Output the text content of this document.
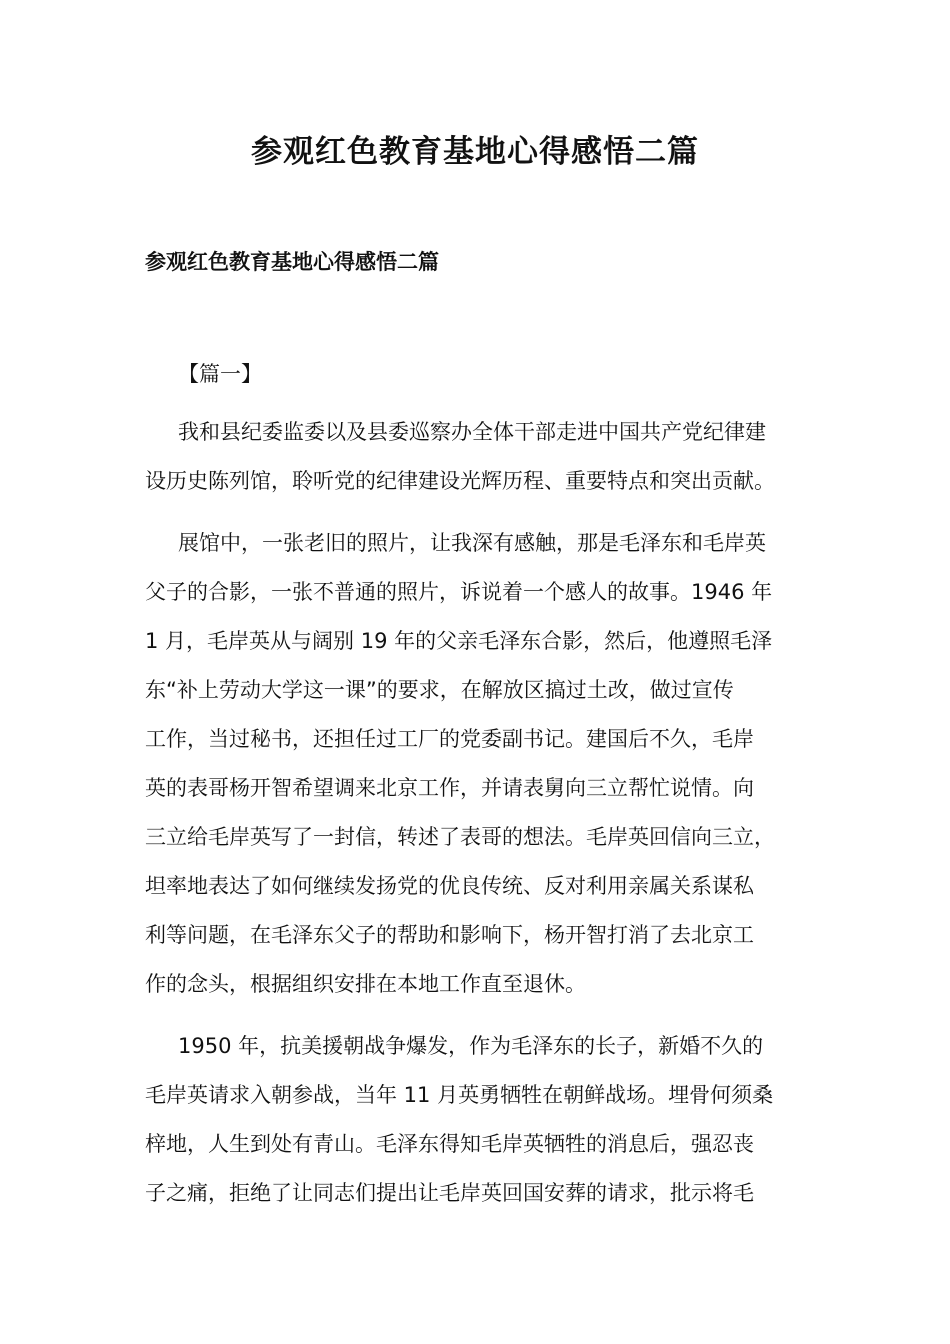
参观红色教育基地心得感悟二篇
参观红色教育基地心得感悟二篇

【篇一】

我和县纪委监委以及县委巡察办全体干部走进中国共产党纪律建
设历史陈列馆，聆听党的纪律建设光辉历程、重要特点和突出贡献。
展馆中，一张老旧的照片，让我深有感触，那是毛泽东和毛岸英
父子的合影，一张不普通的照片，诉说着一个感人的故事。1946 年
1 月，毛岸英从与阔别 19 年的父亲毛泽东合影，然后，他遵照毛泽
东“补上劳动大学这一课”的要求，在解放区搞过土改，做过宣传
工作，当过秘书，还担任过工厂的党委副书记。建国后不久，毛岸
英的表哥杨开智希望调来北京工作，并请表舅向三立帮忙说情。向
三立给毛岸英写了一封信，转述了表哥的想法。毛岸英回信向三立，
坦率地表达了如何继续发扬党的优良传统、反对利用亲属关系谋私
利等问题，在毛泽东父子的帮助和影响下，杨开智打消了去北京工
作的念头，根据组织安排在本地工作直至退休。
1950 年，抗美援朝战争爆发，作为毛泽东的长子，新婚不久的
毛岸英请求入朝参战，当年 11 月英勇牺牲在朝鲜战场。埋骨何须桑
梓地，人生到处有青山。毛泽东得知毛岸英牺牲的消息后，强忍丧
子之痛，拒绝了让同志们提出让毛岸英回国安葬的请求，批示将毛
